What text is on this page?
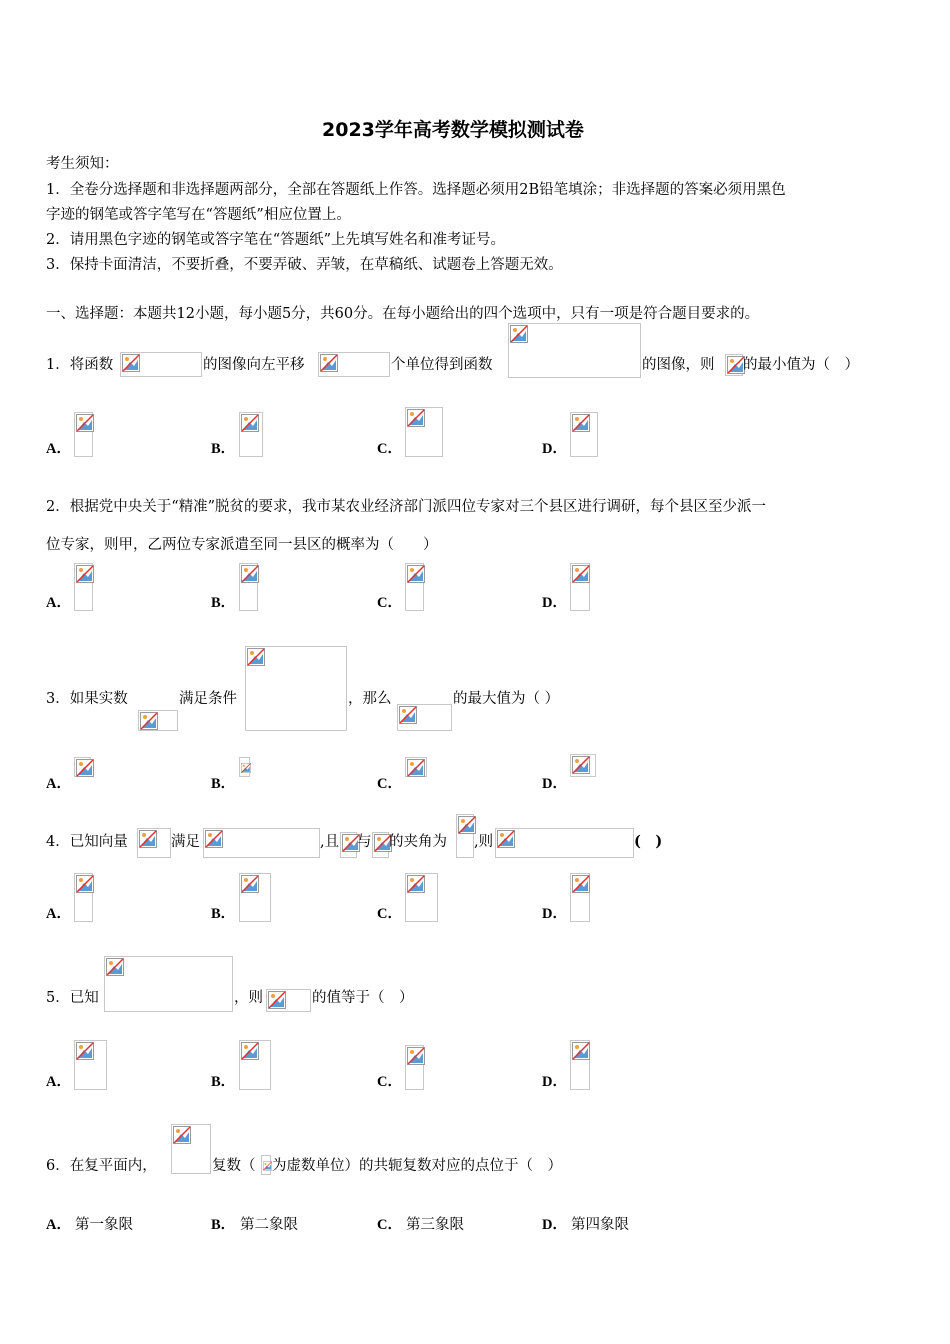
2023学年高考数学模拟测试卷
考生须知：
1．全卷分选择题和非选择题两部分，全部在答题纸上作答。选择题必须用2B铅笔填涂；非选择题的答案必须用黑色
字迹的钢笔或答字笔写在“答题纸”相应位置上。
2．请用黑色字迹的钢笔或答字笔在“答题纸”上先填写姓名和准考证号。
3．保持卡面清洁，不要折叠，不要弄破、弄皱，在草稿纸、试题卷上答题无效。
一、选择题：本题共12小题，每小题5分，共60分。在每小题给出的四个选项中，只有一项是符合题目要求的。
1．将函数	的图像向左平移	个单位得到函数	的图像，则 的最小值为（　）
A．	B．	C．	D．
2．根据党中央关于“精准”脱贫的要求，我市某农业经济部门派四位专家对三个县区进行调研，每个县区至少派一
位专家，则甲，乙两位专家派遣至同一县区的概率为（　　）
A．	B．	C．	D．
3．如果实数	满足条件	，那么	的最大值为（ ）
A．	B．	C．	D．
4．已知向量	满足	,且 与 的夹角为 ,则	(　)
A．	B．	C．	D．
5．已知	，则	的值等于（　）
A．	B．	C．	D．
6．在复平面内，	复数（ 为虚数单位）的共轭复数对应的点位于（　）
A． 第一象限	B． 第二象限	C． 第三象限	D． 第四象限
